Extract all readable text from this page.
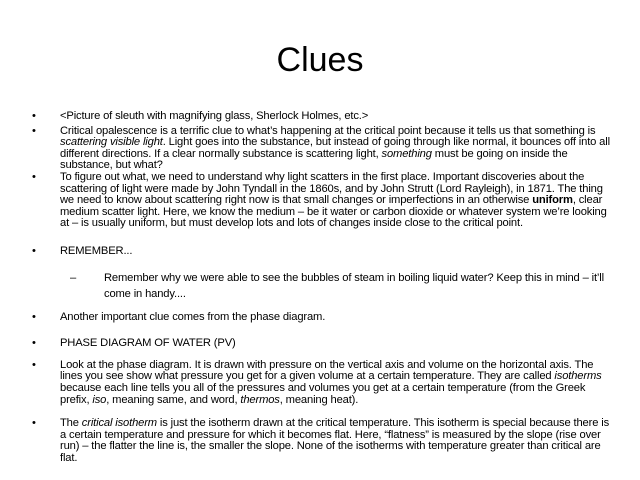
Clues
• <Picture of sleuth with magnifying glass, Sherlock Holmes, etc.>
• Critical opalescence is a terrific clue to what’s happening at the critical point because it tells us that something is scattering visible light. Light goes into the substance, but instead of going through like normal, it bounces off into all different directions. If a clear normally substance is scattering light, something must be going on inside the substance, but what?
• To figure out what, we need to understand why light scatters in the first place. Important discoveries about the scattering of light were made by John Tyndall in the 1860s, and by John Strutt (Lord Rayleigh), in 1871. The thing we need to know about scattering right now is that small changes or imperfections in an otherwise uniform, clear medium scatter light. Here, we know the medium – be it water or carbon dioxide or whatever system we’re looking at – is usually uniform, but must develop lots and lots of changes inside close to the critical point.
• REMEMBER...
– Remember why we were able to see the bubbles of steam in boiling liquid water? Keep this in mind – it’ll come in handy....
• Another important clue comes from the phase diagram.
• PHASE DIAGRAM OF WATER (PV)
• Look at the phase diagram. It is drawn with pressure on the vertical axis and volume on the horizontal axis. The lines you see show what pressure you get for a given volume at a certain temperature. They are called isotherms because each line tells you all of the pressures and volumes you get at a certain temperature (from the Greek prefix, iso, meaning same, and word, thermos, meaning heat).
• The critical isotherm is just the isotherm drawn at the critical temperature. This isotherm is special because there is a certain temperature and pressure for which it becomes flat. Here, “flatness” is measured by the slope (rise over run) – the flatter the line is, the smaller the slope. None of the isotherms with temperature greater than critical are flat.
